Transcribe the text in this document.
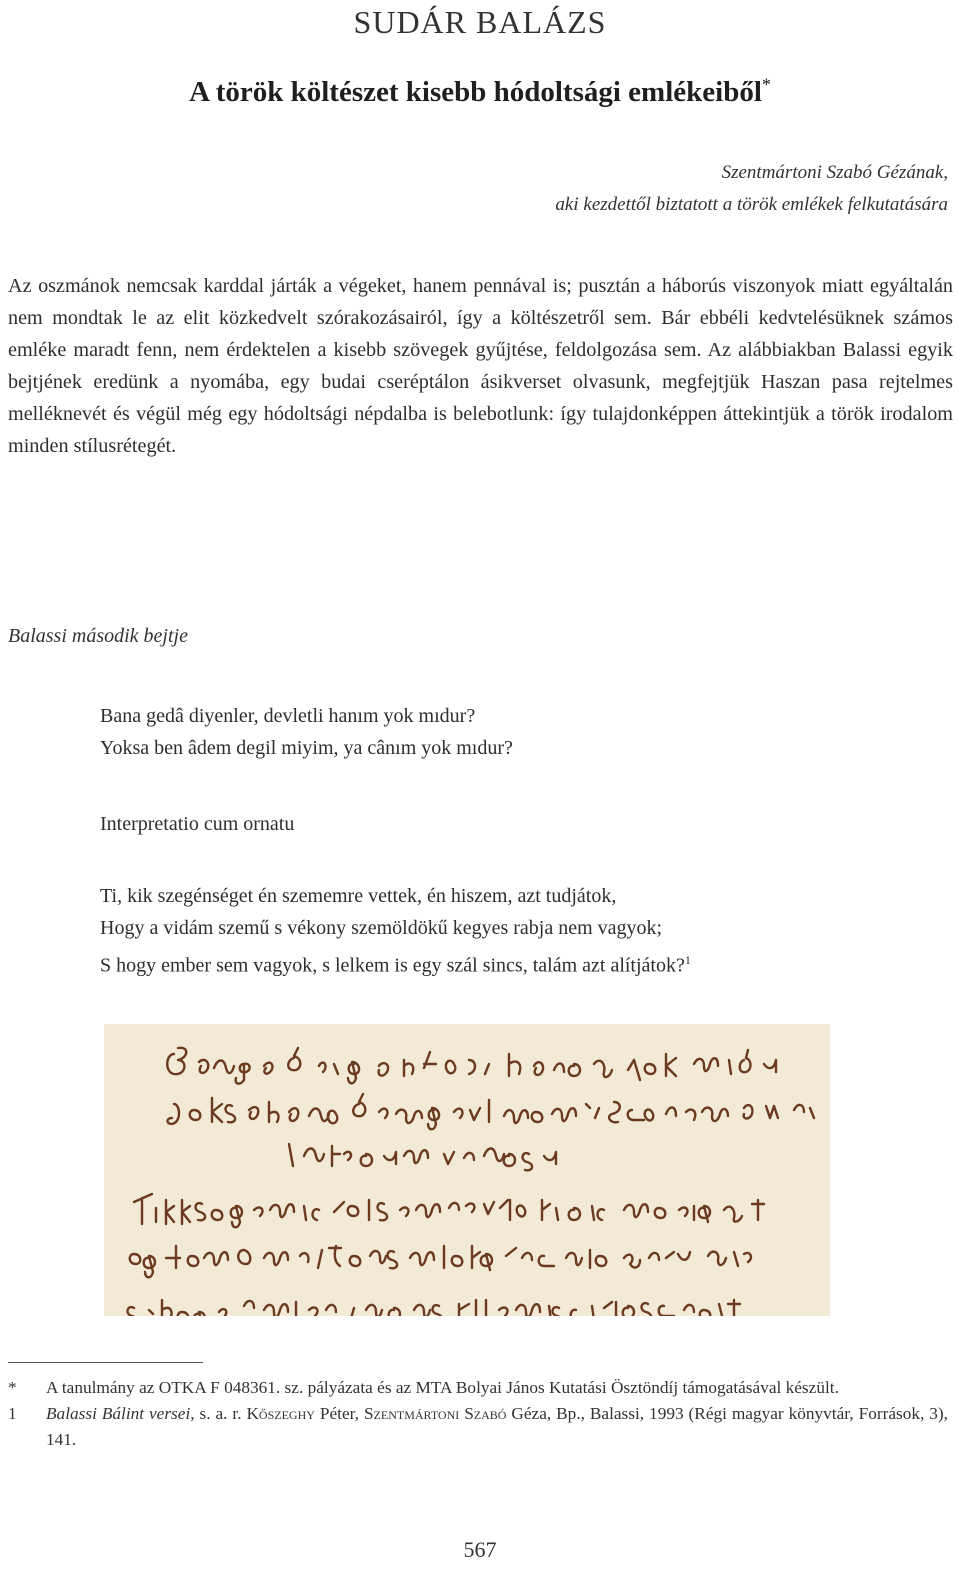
SUDÁR BALÁZS
A török költészet kisebb hódoltsági emlékeiből*
Szentmártoni Szabó Gézának,
aki kezdettől biztatott a török emlékek felkutatására
Az oszmánok nemcsak karddal járták a végeket, hanem pennával is; pusztán a háborús viszonyok miatt egyáltalán nem mondtak le az elit közkedvelt szórakozásairól, így a költészetről sem. Bár ebbéli kedvtelésüknek számos emléke maradt fenn, nem érdektelen a kisebb szövegek gyűjtése, feldolgozása sem. Az alábbiakban Balassi egyik bejtjének eredünk a nyomába, egy budai cseréptálon ásikverset olvasunk, megfejtjük Haszan pasa rejtelmes melléknevét és végül még egy hódoltsági népdalba is belebotlunk: így tulajdonképpen áttekintjük a török irodalom minden stílusrétegét.
Balassi második bejtje
Bana gedâ diyenler, devletli hanım yok mıdur?
Yoksa ben âdem degil miyim, ya cânım yok mıdur?
Interpretatio cum ornatu
Ti, kik szegénséget én szememre vettek, én hiszem, azt tudjátok,
Hogy a vidám szemű s vékony szemöldökű kegyes rabja nem vagyok;
S hogy ember sem vagyok, s lelkem is egy szál sincs, talám azt alítjátok?$^1$
* A tanulmány az OTKA F 048361. sz. pályázata és az MTA Bolyai János Kutatási Ösztöndíj támogatásával készült.
1 Balassi Bálint versei, s. a. r. Kőszeghy Péter, Szentmártoni Szabó Géza, Bp., Balassi, 1993 (Régi magyar könyvtár, Források, 3), 141.
567
